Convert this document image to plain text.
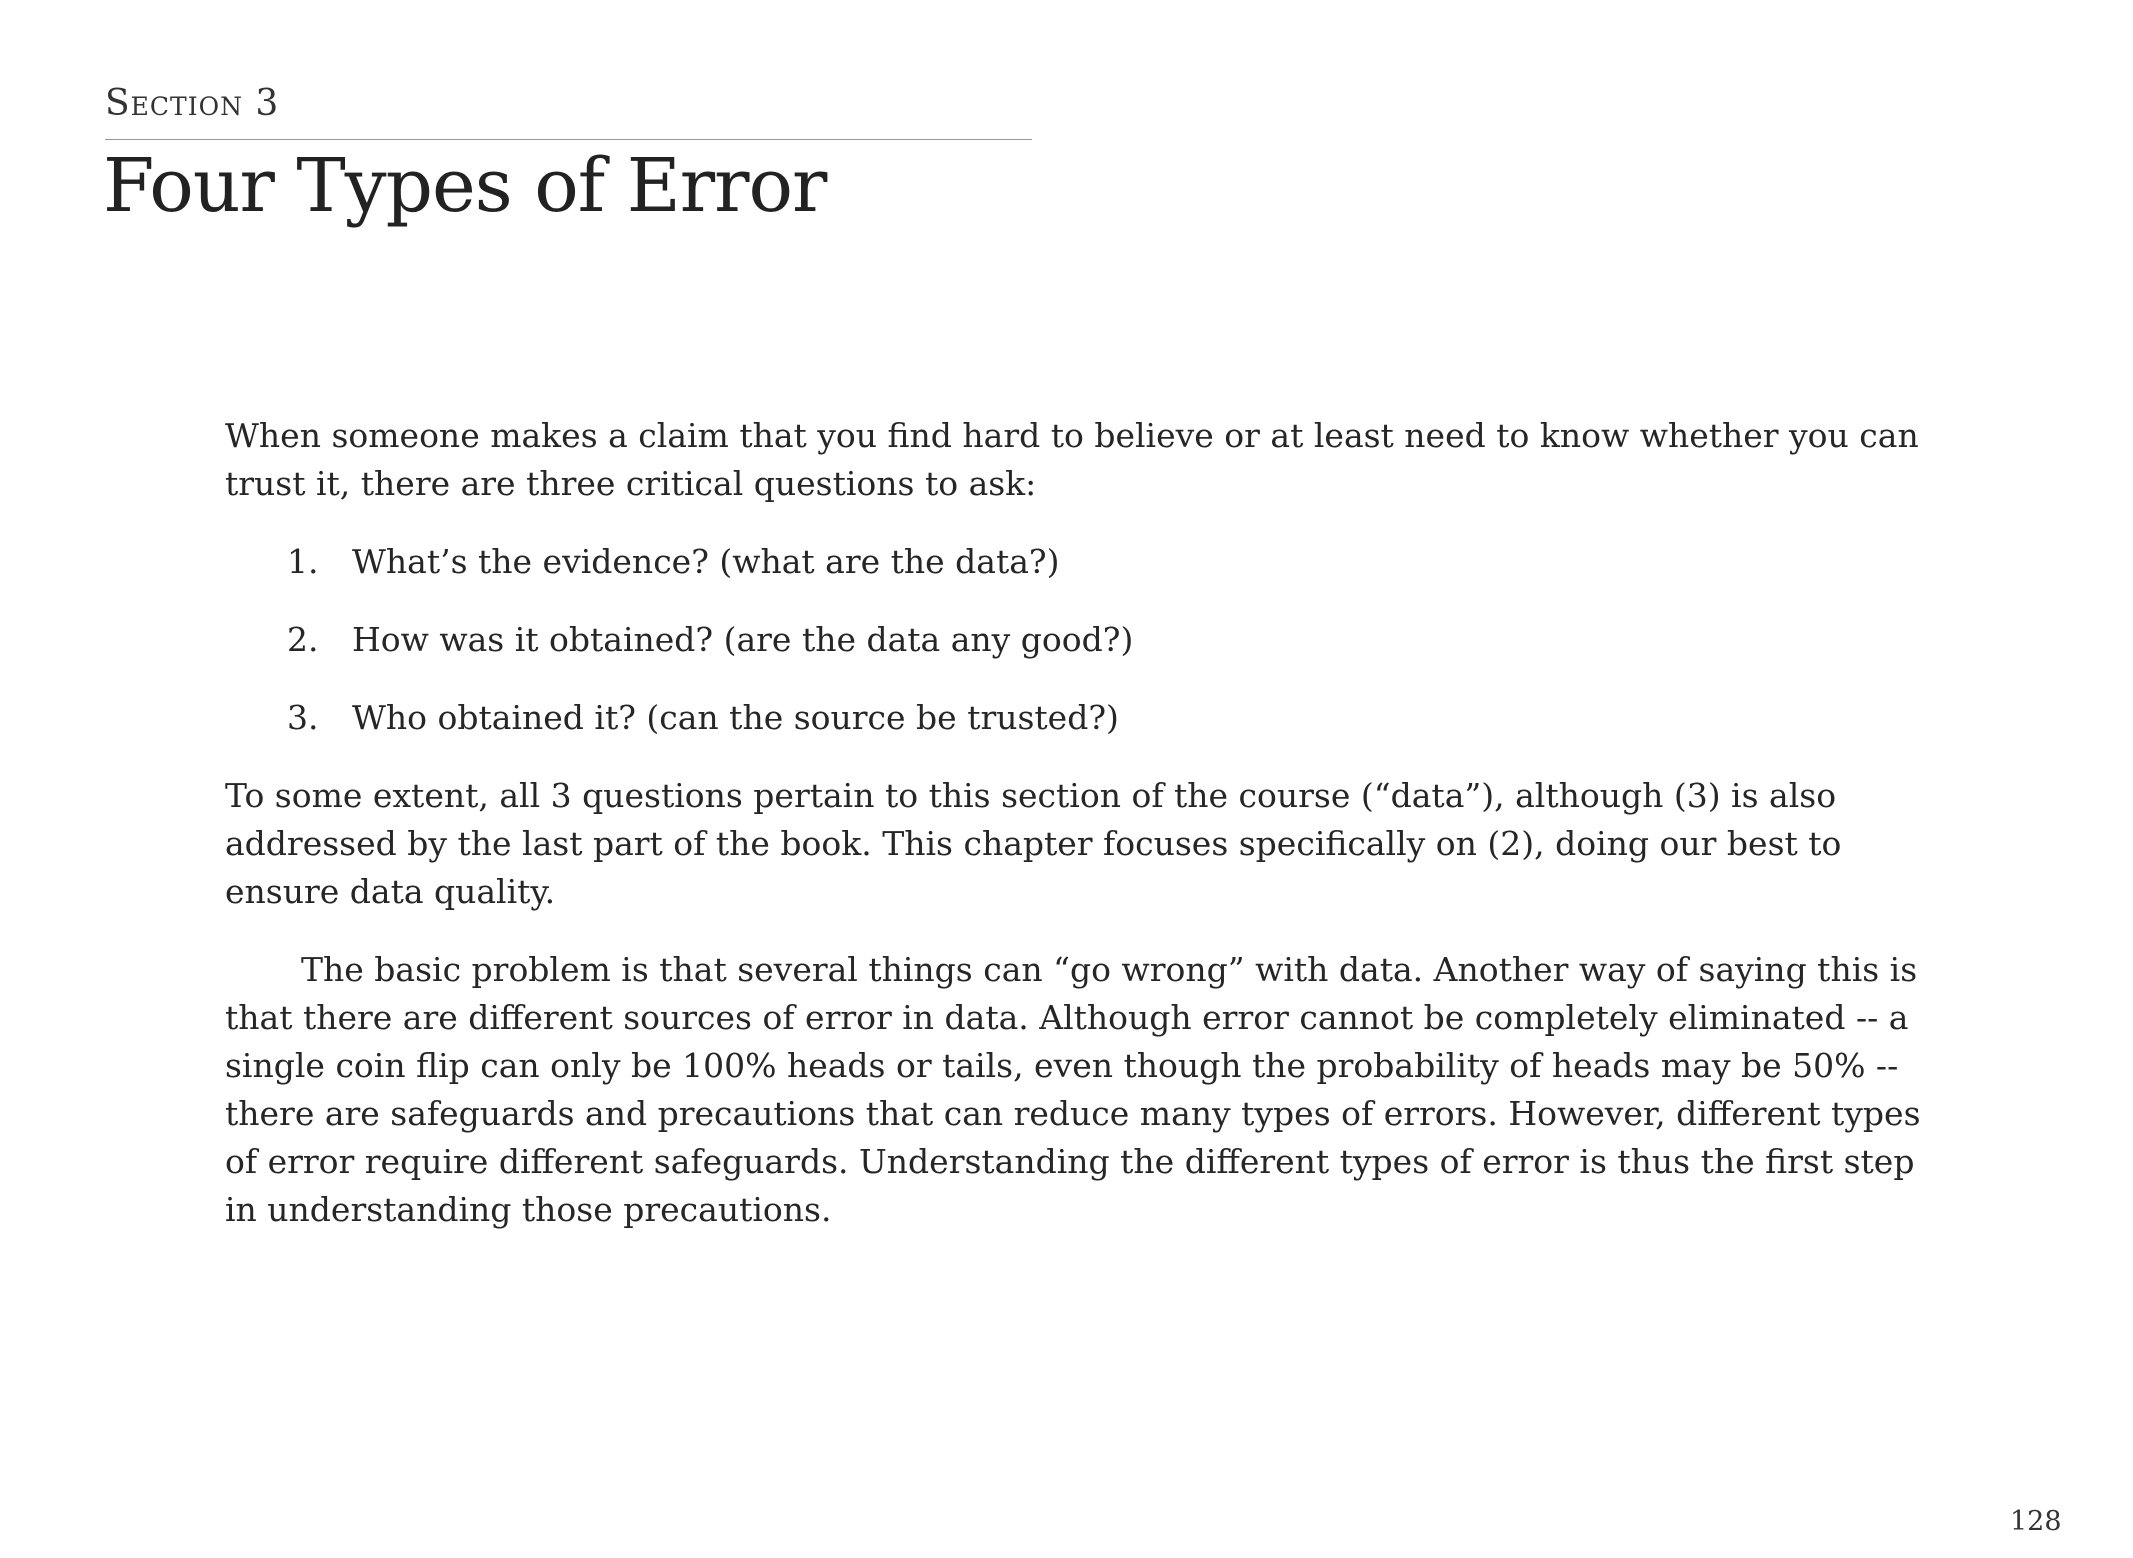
Section 3
Four Types of Error

When someone makes a claim that you find hard to believe or at least need to know whether you can trust it, there are three critical questions to ask:

1.	What’s the evidence? (what are the data?)
2.	How was it obtained? (are the data any good?)
3.	Who obtained it? (can the source be trusted?)

To some extent, all 3 questions pertain to this section of the course (“data”), although (3) is also addressed by the last part of the book. This chapter focuses specifically on (2), doing our best to ensure data quality.

The basic problem is that several things can “go wrong” with data. Another way of saying this is that there are different sources of error in data. Although error cannot be completely eliminated -- a single coin flip can only be 100% heads or tails, even though the probability of heads may be 50% -- there are safeguards and precautions that can reduce many types of errors. However, different types of error require different safeguards. Understanding the different types of error is thus the first step in understanding those precautions.

128
